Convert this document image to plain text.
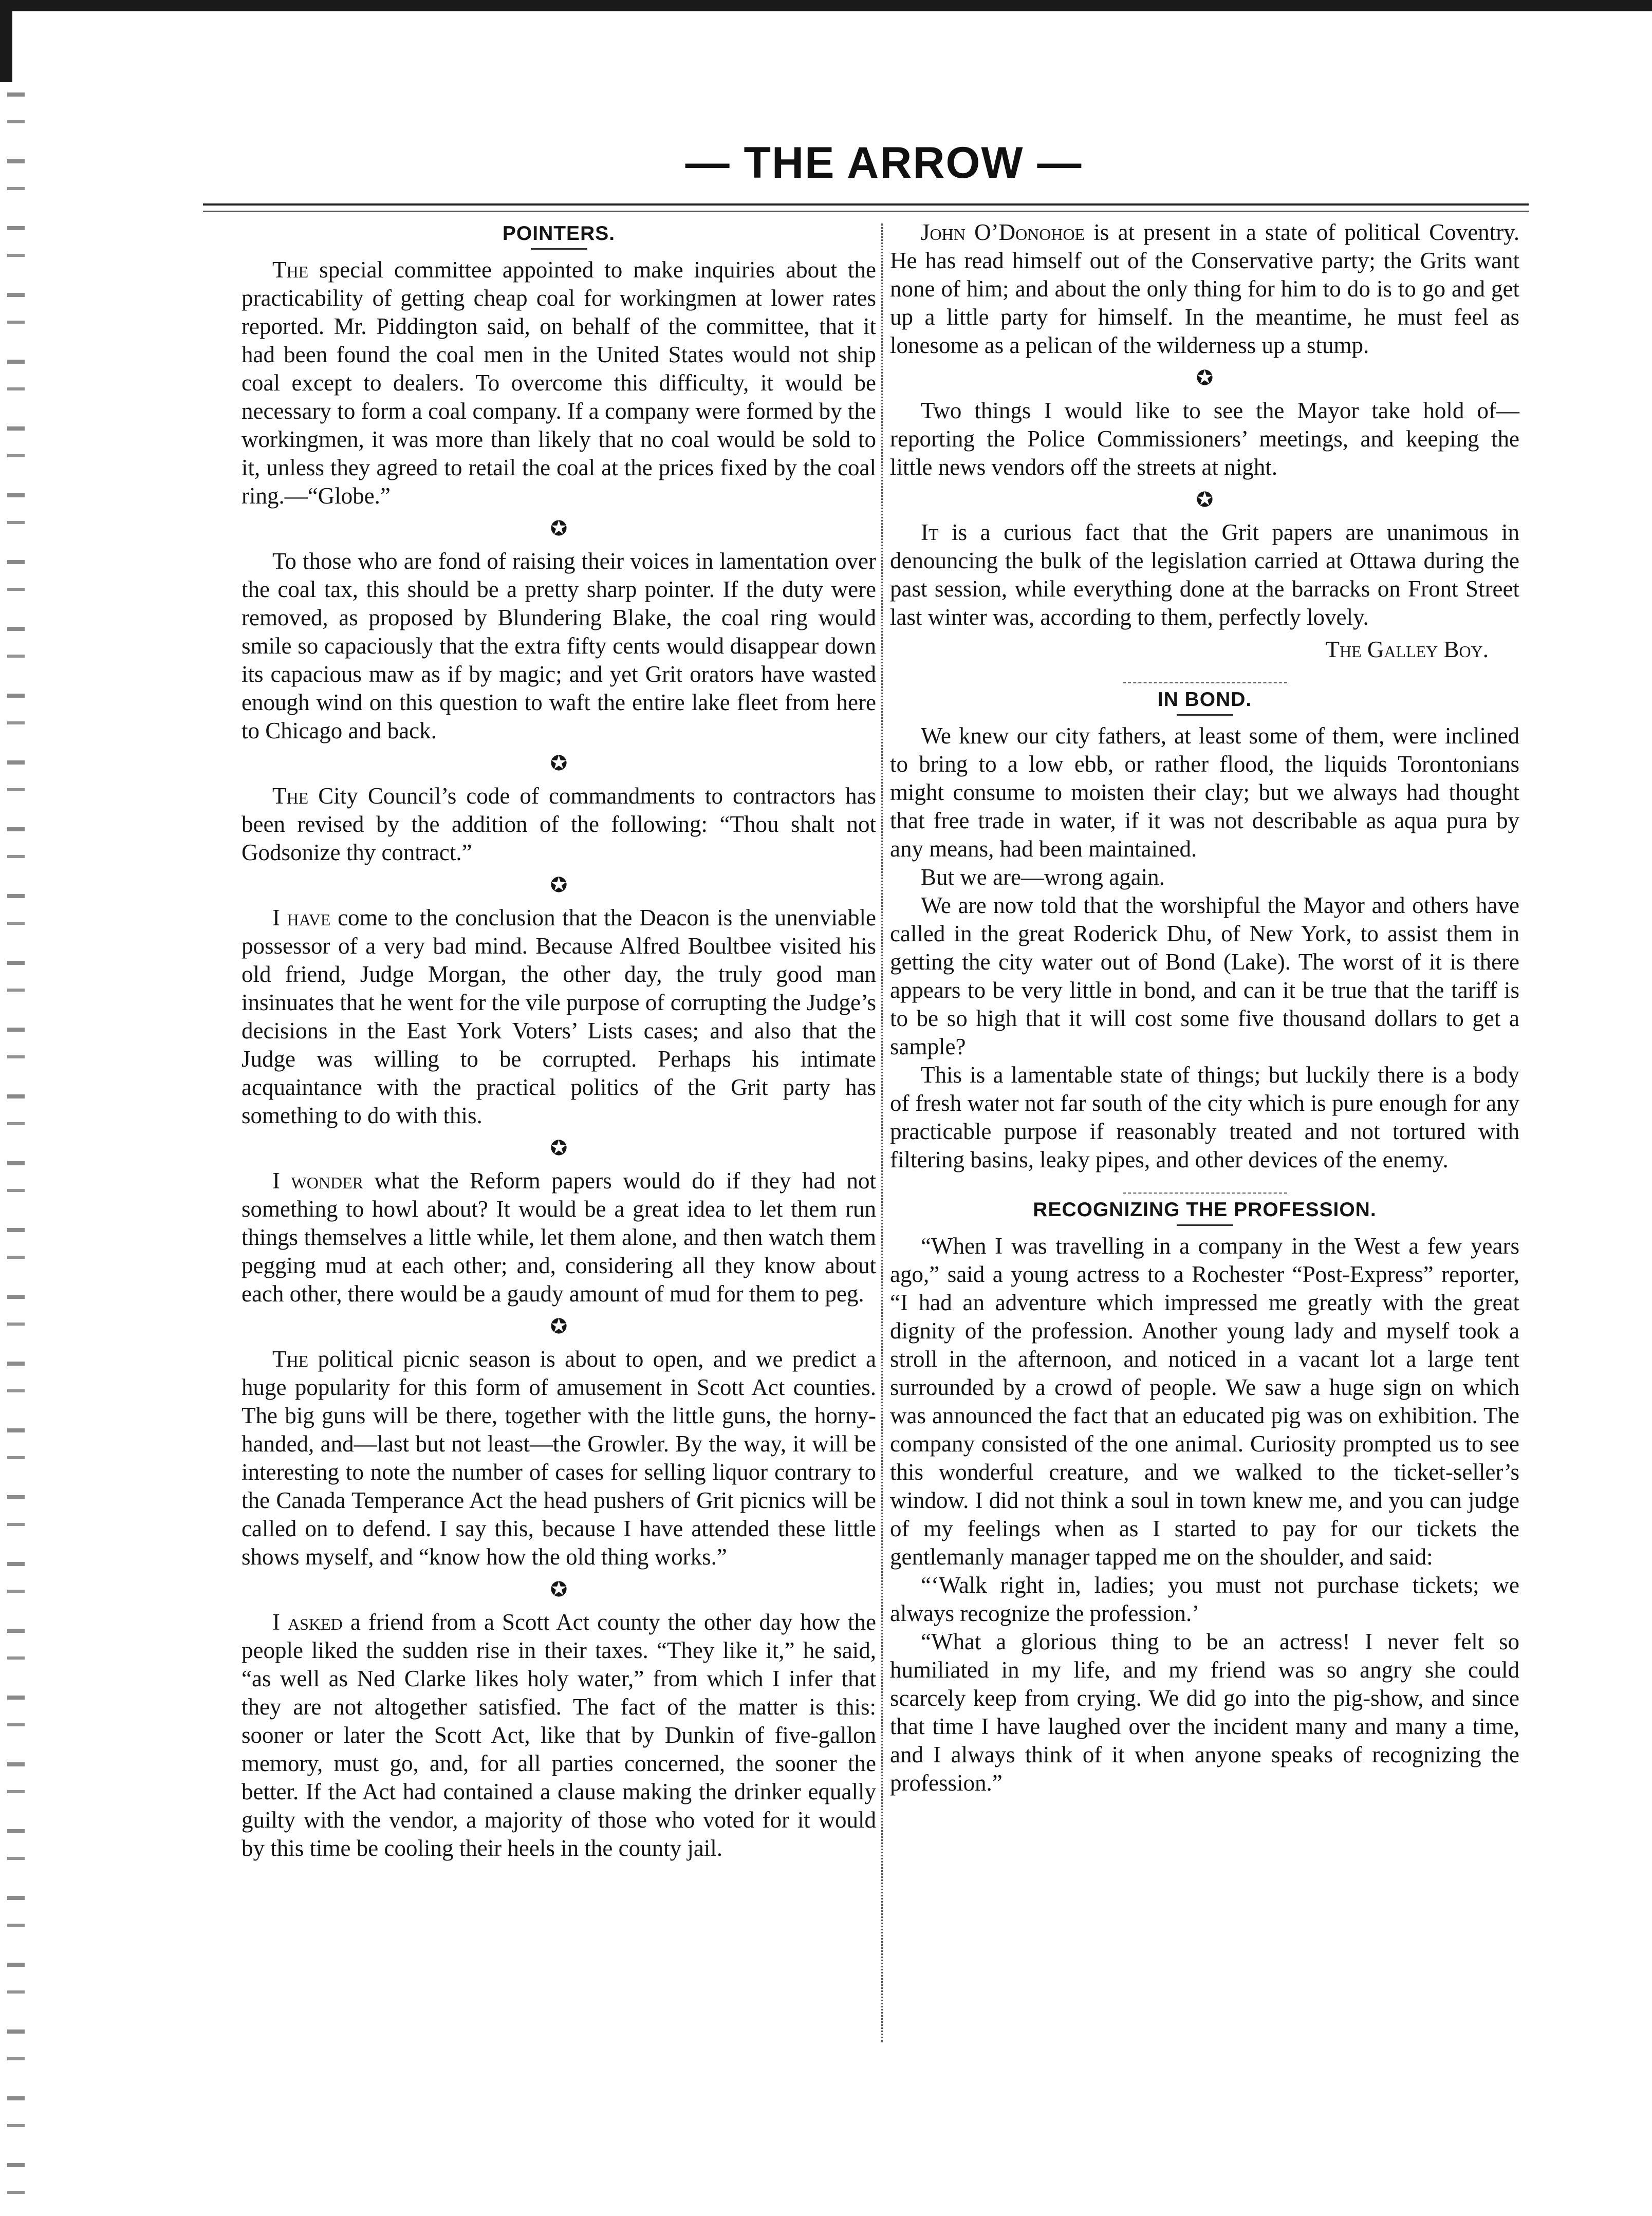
— THE ARROW —
POINTERS.

The special committee appointed to make inquiries about the practicability of getting cheap coal for workingmen at lower rates reported. Mr. Piddington said, on behalf of the committee, that it had been found the coal men in the United States would not ship coal except to dealers. To overcome this difficulty, it would be necessary to form a coal company. If a company were formed by the workingmen, it was more than likely that no coal would be sold to it, unless they agreed to retail the coal at the prices fixed by the coal ring.—“Globe.”

✪

To those who are fond of raising their voices in lamentation over the coal tax, this should be a pretty sharp pointer. If the duty were removed, as proposed by Blundering Blake, the coal ring would smile so capaciously that the extra fifty cents would disappear down its capacious maw as if by magic; and yet Grit orators have wasted enough wind on this question to waft the entire lake fleet from here to Chicago and back.

✪

The City Council’s code of commandments to contractors has been revised by the addition of the following: “Thou shalt not Godsonize thy contract.”

✪

I have come to the conclusion that the Deacon is the unenviable possessor of a very bad mind. Because Alfred Boultbee visited his old friend, Judge Morgan, the other day, the truly good man insinuates that he went for the vile purpose of corrupting the Judge’s decisions in the East York Voters’ Lists cases; and also that the Judge was willing to be corrupted. Perhaps his intimate acquaintance with the practical politics of the Grit party has something to do with this.

✪

I wonder what the Reform papers would do if they had not something to howl about? It would be a great idea to let them run things themselves a little while, let them alone, and then watch them pegging mud at each other; and, considering all they know about each other, there would be a gaudy amount of mud for them to peg.

✪

The political picnic season is about to open, and we predict a huge popularity for this form of amusement in Scott Act counties. The big guns will be there, together with the little guns, the horny-handed, and—last but not least—the Growler. By the way, it will be interesting to note the number of cases for selling liquor contrary to the Canada Temperance Act the head pushers of Grit picnics will be called on to defend. I say this, because I have attended these little shows myself, and “know how the old thing works.”

✪

I asked a friend from a Scott Act county the other day how the people liked the sudden rise in their taxes. “They like it,” he said, “as well as Ned Clarke likes holy water,” from which I infer that they are not altogether satisfied. The fact of the matter is this: sooner or later the Scott Act, like that by Dunkin of five-gallon memory, must go, and, for all parties concerned, the sooner the better. If the Act had contained a clause making the drinker equally guilty with the vendor, a majority of those who voted for it would by this time be cooling their heels in the county jail.

John O’Donohoe is at present in a state of political Coventry. He has read himself out of the Conservative party; the Grits want none of him; and about the only thing for him to do is to go and get up a little party for himself. In the meantime, he must feel as lonesome as a pelican of the wilderness up a stump.

✪

Two things I would like to see the Mayor take hold of—reporting the Police Commissioners’ meetings, and keeping the little news vendors off the streets at night.

✪

It is a curious fact that the Grit papers are unanimous in denouncing the bulk of the legislation carried at Ottawa during the past session, while everything done at the barracks on Front Street last winter was, according to them, perfectly lovely.

The Galley Boy.
IN BOND.

We knew our city fathers, at least some of them, were inclined to bring to a low ebb, or rather flood, the liquids Torontonians might consume to moisten their clay; but we always had thought that free trade in water, if it was not describable as aqua pura by any means, had been maintained.

But we are—wrong again.

We are now told that the worshipful the Mayor and others have called in the great Roderick Dhu, of New York, to assist them in getting the city water out of Bond (Lake). The worst of it is there appears to be very little in bond, and can it be true that the tariff is to be so high that it will cost some five thousand dollars to get a sample?

This is a lamentable state of things; but luckily there is a body of fresh water not far south of the city which is pure enough for any practicable purpose if reasonably treated and not tortured with filtering basins, leaky pipes, and other devices of the enemy.

RECOGNIZING THE PROFESSION.

“When I was travelling in a company in the West a few years ago,” said a young actress to a Rochester “Post-Express” reporter, “I had an adventure which impressed me greatly with the great dignity of the profession. Another young lady and myself took a stroll in the afternoon, and noticed in a vacant lot a large tent surrounded by a crowd of people. We saw a huge sign on which was announced the fact that an educated pig was on exhibition. The company consisted of the one animal. Curiosity prompted us to see this wonderful creature, and we walked to the ticket-seller’s window. I did not think a soul in town knew me, and you can judge of my feelings when as I started to pay for our tickets the gentlemanly manager tapped me on the shoulder, and said:

“‘Walk right in, ladies; you must not purchase tickets; we always recognize the profession.’

“What a glorious thing to be an actress! I never felt so humiliated in my life, and my friend was so angry she could scarcely keep from crying. We did go into the pig-show, and since that time I have laughed over the incident many and many a time, and I always think of it when anyone speaks of recognizing the profession.”
